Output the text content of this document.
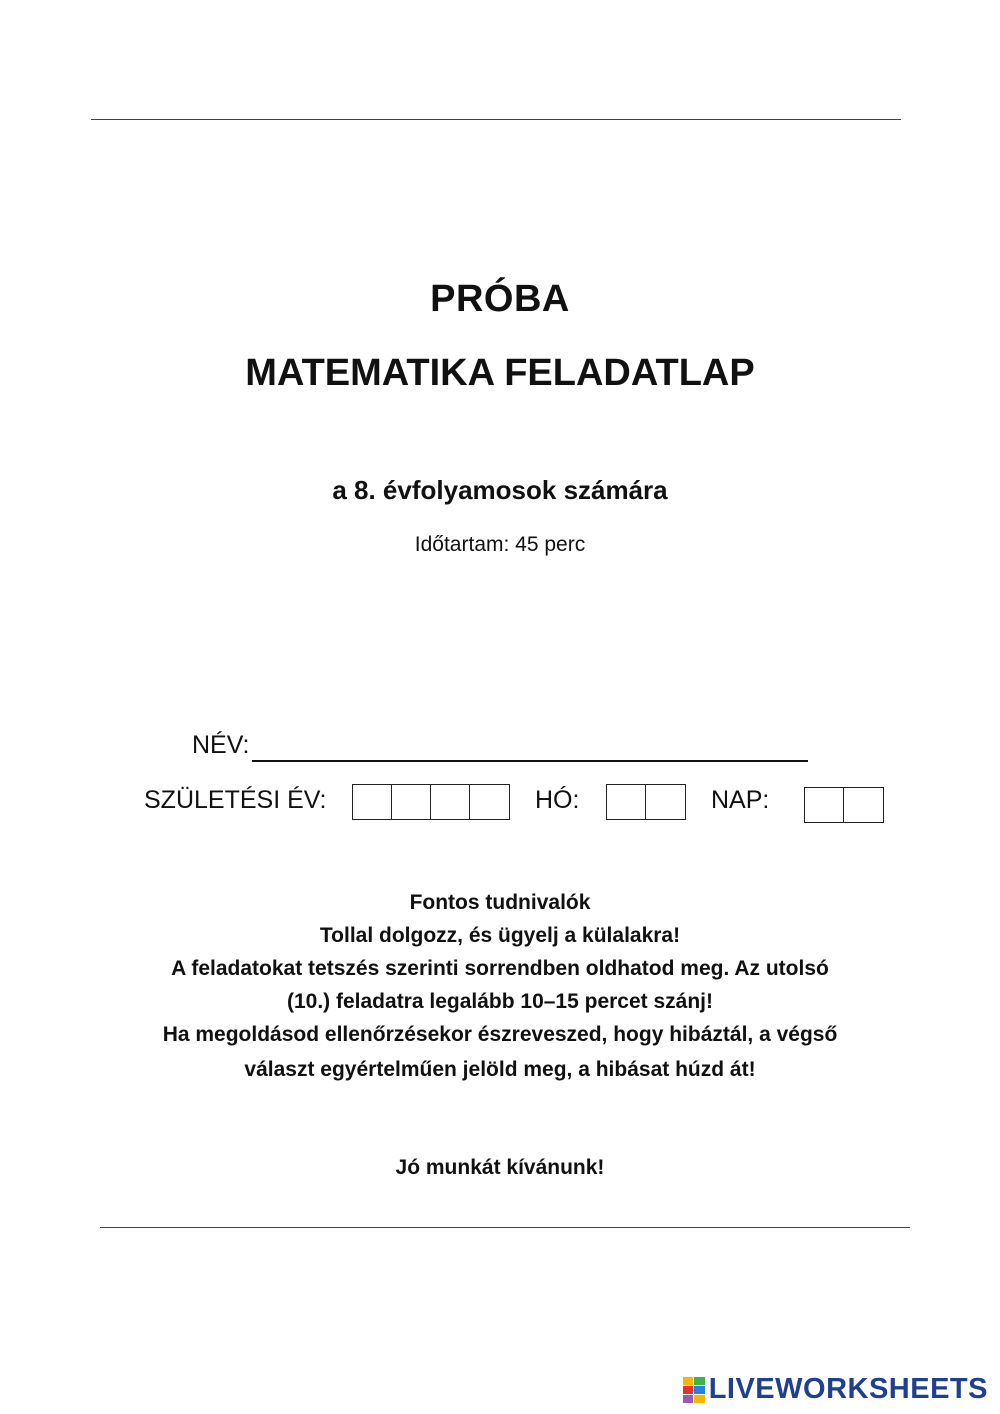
PRÓBA
MATEMATIKA FELADATLAP
a 8. évfolyamosok számára
Időtartam: 45 perc
NÉV:
SZÜLETÉSI ÉV:	HÓ:	NAP:
Fontos tudnivalók
Tollal dolgozz, és ügyelj a külalakra!
A feladatokat tetszés szerinti sorrendben oldhatod meg. Az utolsó
(10.) feladatra legalább 10–15 percet szánj!
Ha megoldásod ellenőrzésekor észreveszed, hogy hibáztál, a végső
választ egyértelműen jelöld meg, a hibásat húzd át!
Jó munkát kívánunk!
LIVEWORKSHEETS
